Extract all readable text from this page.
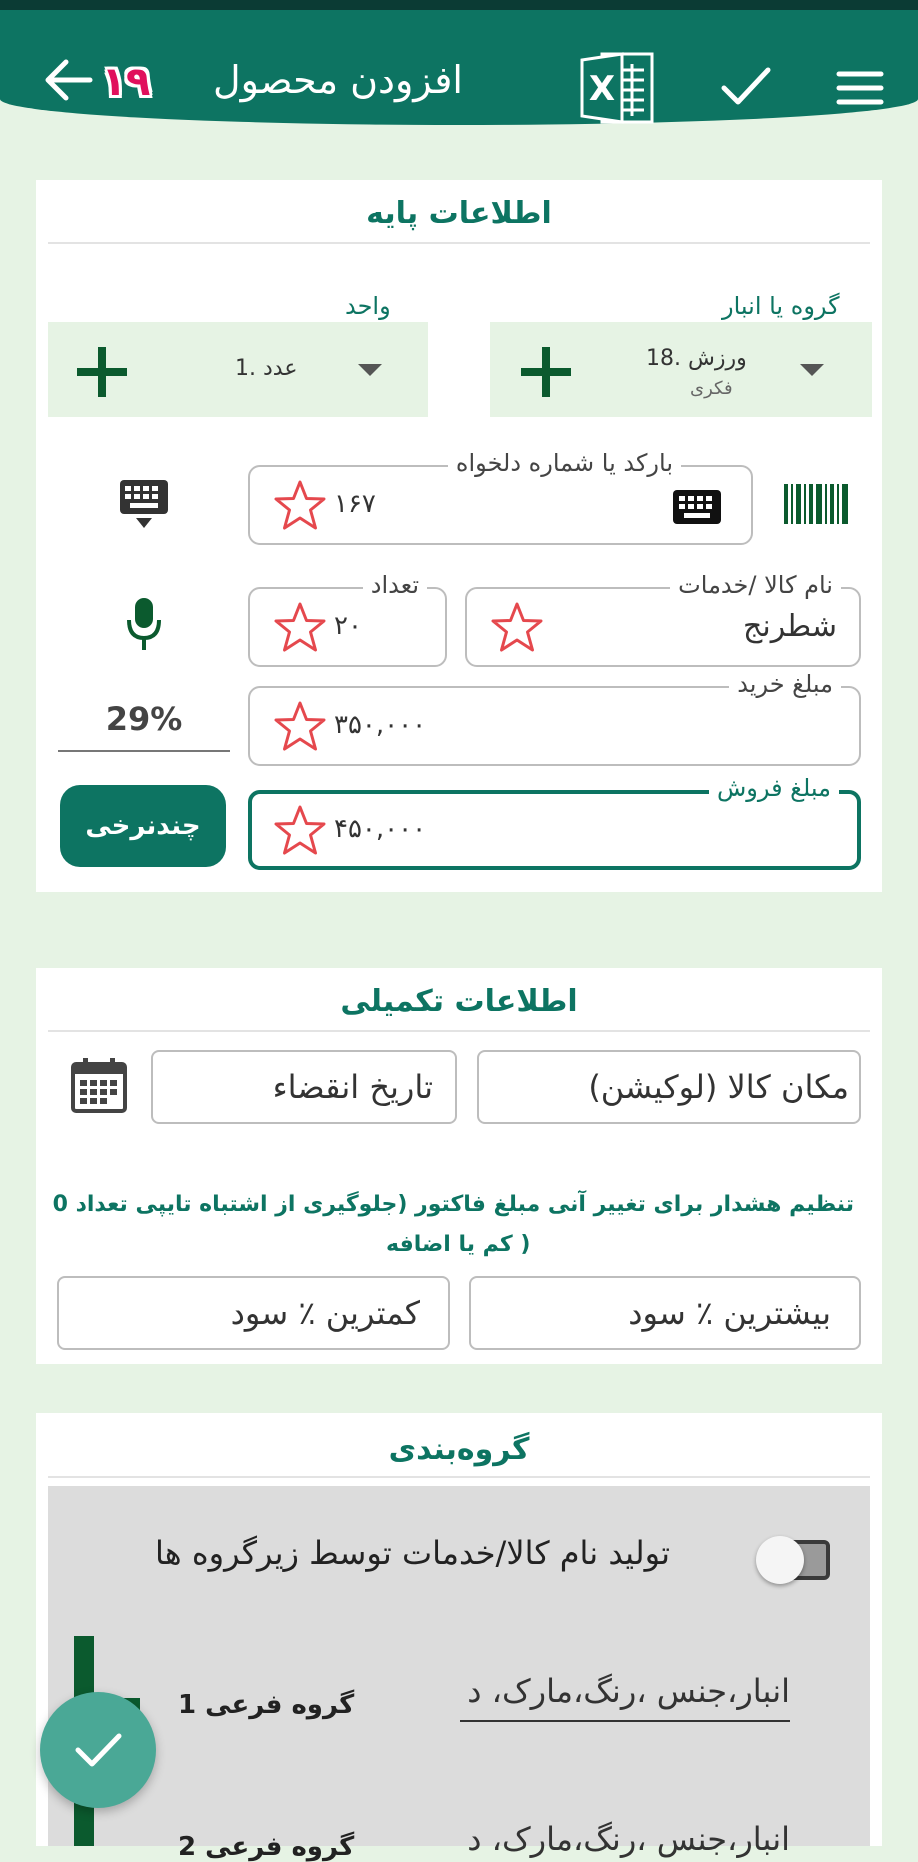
۱۹ افزودن محصول	X
اطلاعات پایه
واحد
1. عدد
گروه یا انبار
18. ورزش
فکری
بارکد یا شماره دلخواه
۱۶۷
تعداد
۲۰
نام کالا /خدمات
شطرنج
29%
مبلغ خرید
۳۵۰,۰۰۰
چندنرخی
مبلغ فروش
۴۵۰,۰۰۰
اطلاعات تکمیلی
تاریخ انقضاء	مکان کالا (لوکیشن)
تنظیم هشدار برای تغییر آنی مبلغ فاکتور (جلوگیری از اشتباه تایپی تعداد 0
کم یا اضافه )
کمترین ٪ سود	بیشترین ٪ سود
گروه‌بندی
تولید نام کالا/خدمات توسط زیرگروه ها
گروه فرعی 1	انبار،جنس ،رنگ،مارک، د
گروه فرعی 2	انبار،جنس ،رنگ،مارک، د
